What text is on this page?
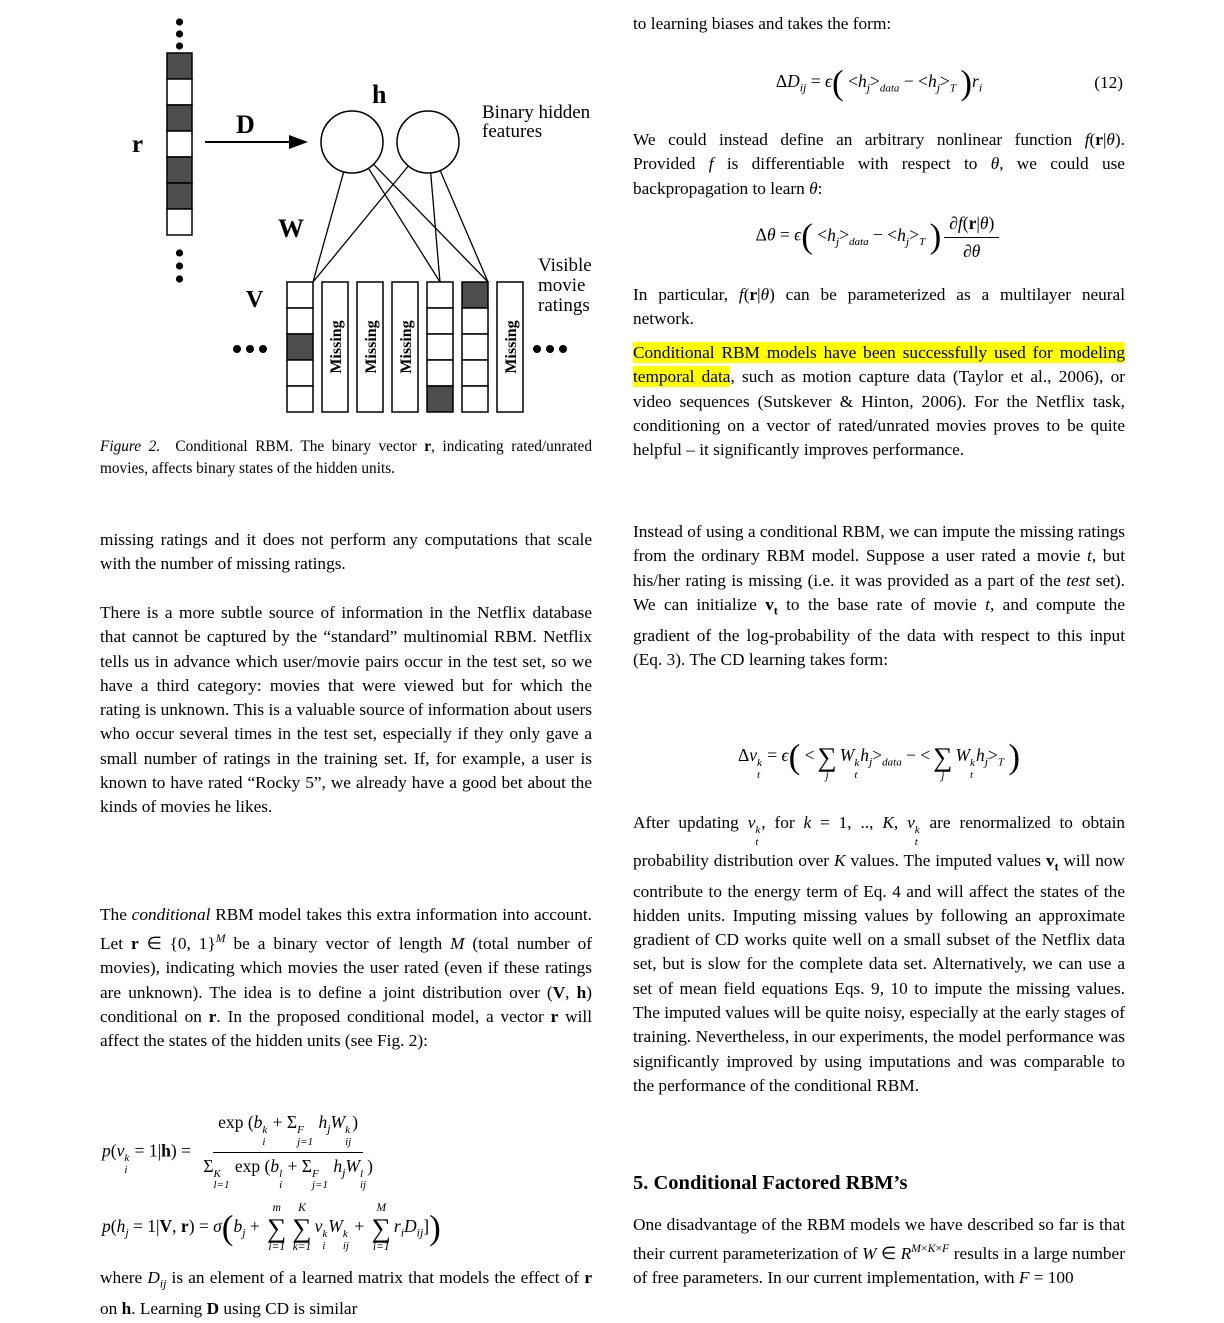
r
D
h
Binary hidden
features
W
Missing Missing Missing	Missing
V
Visible
movie
ratings
Figure 2.  Conditional RBM. The binary vector r, indicating rated/unrated movies, affects binary states of the hidden units.
missing ratings and it does not perform any computations that scale with the number of missing ratings.
There is a more subtle source of information in the Netflix database that cannot be captured by the “standard” multinomial RBM. Netflix tells us in advance which user/movie pairs occur in the test set, so we have a third category: movies that were viewed but for which the rating is unknown. This is a valuable source of information about users who occur several times in the test set, especially if they only gave a small number of ratings in the training set. If, for example, a user is known to have rated “Rocky 5”, we already have a good bet about the kinds of movies he likes.
The conditional RBM model takes this extra information into account. Let r ∈ {0, 1}$^M$ be a binary vector of length M (total number of movies), indicating which movies the user rated (even if these ratings are unknown). The idea is to define a joint distribution over (V, h) conditional on r. In the proposed conditional model, a vector r will affect the states of the hidden units (see Fig. 2):
p(v k
i
= 1|h) = exp (b k
i
+ Σ F
j=1
$h_jW$ k
ij
)
Σ K
l=1
exp (b l
i
+ Σ F
j=1
$h_jW$ l
ij
)
$p(h_j = 1|V$, $r) = \sigma(b_j$ +
m
∑
i=1
K
∑
k=1
v k
i
W k
ij
+
M
∑
i=1
$r_iD_{ij}$])
where $D_{ij}$ is an element of a learned matrix that models the effect of r on h. Learning D using CD is similar
to learning biases and takes the form:
$\Delta D_{ij} = \epsilon( <h_j>_{data} - <h_j>_T$ )$r_i$	(12)
We could instead define an arbitrary nonlinear function f(r|θ). Provided f is differentiable with respect to θ, we could use backpropagation to learn θ:
$\Delta\theta = \epsilon( <h_j>_{data} - <h_j>_T$ ) $\frac{\partial f(r|\theta)}{\partial\theta}$
In particular, f(r|θ) can be parameterized as a multilayer neural network.
Conditional RBM models have been successfully used for modeling temporal data, such as motion capture data (Taylor et al., 2006), or video sequences (Sutskever & Hinton, 2006). For the Netflix task, conditioning on a vector of rated/unrated movies proves to be quite helpful – it significantly improves performance.
Instead of using a conditional RBM, we can impute the missing ratings from the ordinary RBM model. Suppose a user rated a movie t, but his/her rating is missing (i.e. it was provided as a part of the test set). We can initialize $v_t$ to the base rate of movie t, and compute the gradient of the log-probability of the data with respect to this input (Eq. 3). The CD learning takes form:
Δv k
t
= ϵ( <
∑
j
W k
t
$h_j>_{data}$ − <
∑
j
W k
t
$h_j>_T$ )
After updating v k
t
, for k = 1, .., K, v k
t
are renormalized to obtain probability distribution over K values. The imputed values $v_t$ will now contribute to the energy term of Eq. 4 and will affect the states of the hidden units. Imputing missing values by following an approximate gradient of CD works quite well on a small subset of the Netflix data set, but is slow for the complete data set. Alternatively, we can use a set of mean field equations Eqs. 9, 10 to impute the missing values. The imputed values will be quite noisy, especially at the early stages of training. Nevertheless, in our experiments, the model performance was significantly improved by using imputations and was comparable to the performance of the conditional RBM.
5. Conditional Factored RBM’s
One disadvantage of the RBM models we have described so far is that their current parameterization of W ∈ $R^{M\times K\times F}$ results in a large number of free parameters. In our current implementation, with F = 100
